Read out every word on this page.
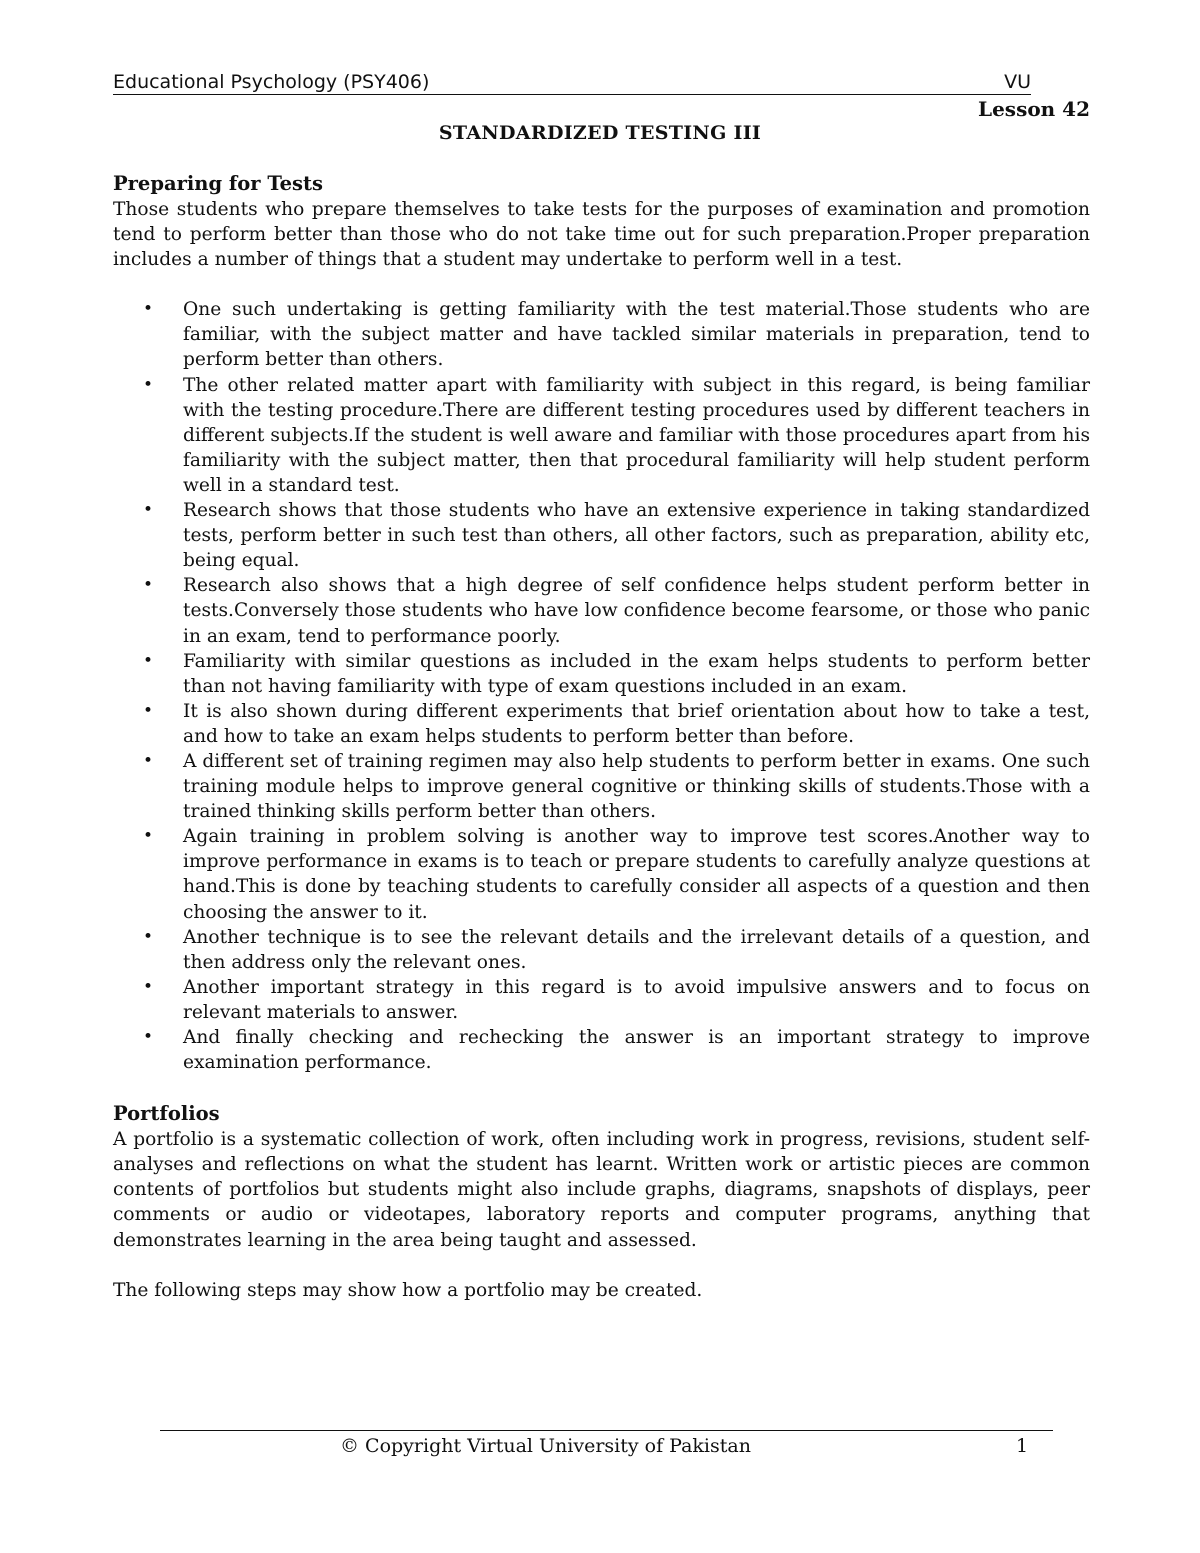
Educational Psychology (PSY406)	VU
Lesson 42
STANDARDIZED TESTING III

Preparing for Tests

Those students who prepare themselves to take tests for the purposes of examination and promotion tend to perform better than those who do not take time out for such preparation.Proper preparation includes a number of things that a student may undertake to perform well in a test.

• One such undertaking is getting familiarity with the test material.Those students who are familiar, with the subject matter and have tackled similar materials in preparation, tend to perform better than others.
• The other related matter apart with familiarity with subject in this regard, is being familiar with the testing procedure.There are different testing procedures used by different teachers in different subjects.If the student is well aware and familiar with those procedures apart from his familiarity with the subject matter, then that procedural familiarity will help student perform well in a standard test.
• Research shows that those students who have an extensive experience in taking standardized tests, perform better in such test than others, all other factors, such as preparation, ability etc, being equal.
• Research also shows that a high degree of self confidence helps student perform better in tests.Conversely those students who have low confidence become fearsome, or those who panic in an exam, tend to performance poorly.
• Familiarity with similar questions as included in the exam helps students to perform better than not having familiarity with type of exam questions included in an exam.
• It is also shown during different experiments that brief orientation about how to take a test, and how to take an exam helps students to perform better than before.
• A different set of training regimen may also help students to perform better in exams. One such training module helps to improve general cognitive or thinking skills of students.Those with a trained thinking skills perform better than others.
• Again training in problem solving is another way to improve test scores.Another way to improve performance in exams is to teach or prepare students to carefully analyze questions at hand.This is done by teaching students to carefully consider all aspects of a question and then choosing the answer to it.
• Another technique is to see the relevant details and the irrelevant details of a question, and then address only the relevant ones.
• Another important strategy in this regard is to avoid impulsive answers and to focus on relevant materials to answer.
• And finally checking and rechecking the answer is an important strategy to improve examination performance.

Portfolios

A portfolio is a systematic collection of work, often including work in progress, revisions, student self-analyses and reflections on what the student has learnt. Written work or artistic pieces are common contents of portfolios but students might also include graphs, diagrams, snapshots of displays, peer comments or audio or videotapes, laboratory reports and computer programs, anything that demonstrates learning in the area being taught and assessed.

The following steps may show how a portfolio may be created.

© Copyright Virtual University of Pakistan	1
